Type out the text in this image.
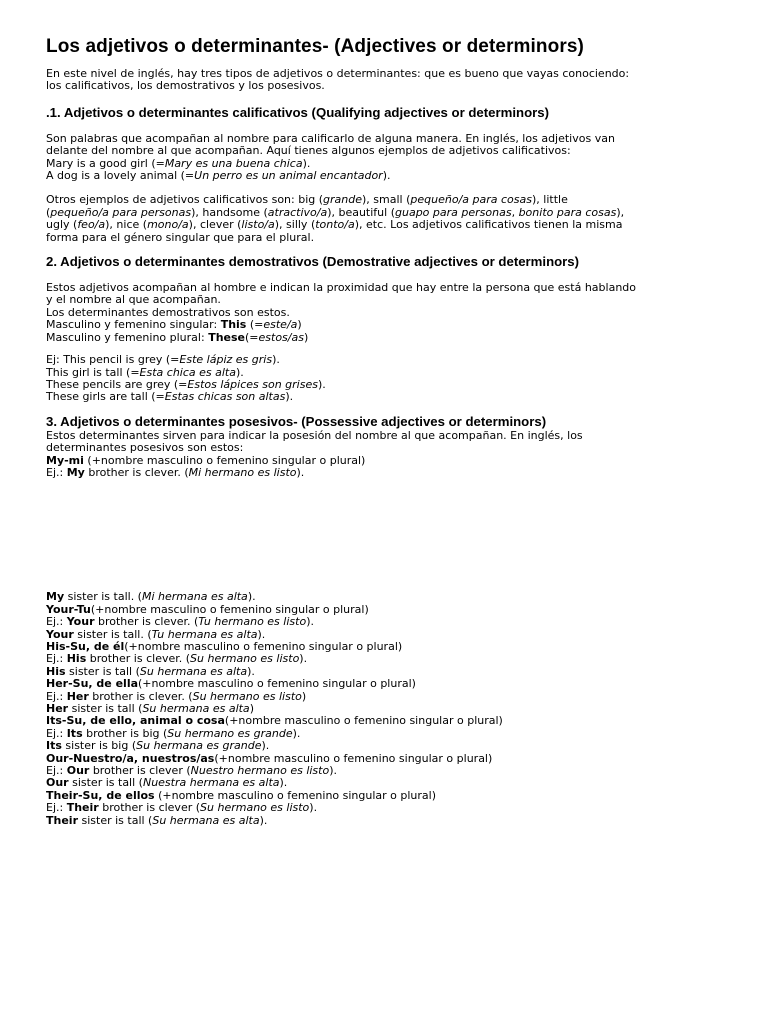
Los adjetivos o determinantes- (Adjectives or determinors)

En este nivel de inglés, hay tres tipos de adjetivos o determinantes: que es bueno que vayas conociendo:
los calificativos, los demostrativos y los posesivos.

.1. Adjetivos o determinantes calificativos (Qualifying adjectives or determinors)

Son palabras que acompañan al nombre para calificarlo de alguna manera. En inglés, los adjetivos van
delante del nombre al que acompañan. Aquí tienes algunos ejemplos de adjetivos calificativos:
Mary is a good girl (=Mary es una buena chica).
A dog is a lovely animal (=Un perro es un animal encantador).

Otros ejemplos de adjetivos calificativos son: big (grande), small (pequeño/a para cosas), little
(pequeño/a para personas), handsome (atractivo/a), beautiful (guapo para personas, bonito para cosas),
ugly (feo/a), nice (mono/a), clever (listo/a), silly (tonto/a), etc. Los adjetivos calificativos tienen la misma
forma para el género singular que para el plural.

2. Adjetivos o determinantes demostrativos (Demostrative adjectives or determinors)

Estos adjetivos acompañan al hombre e indican la proximidad que hay entre la persona que está hablando
y el nombre al que acompañan.
Los determinantes demostrativos son estos.
Masculino y femenino singular: This (=este/a)
Masculino y femenino plural: These(=estos/as)

Ej: This pencil is grey (=Este lápiz es gris).
This girl is tall (=Esta chica es alta).
These pencils are grey (=Estos lápices son grises).
These girls are tall (=Estas chicas son altas).

3. Adjetivos o determinantes posesivos- (Possessive adjectives or determinors)

Estos determinantes sirven para indicar la posesión del nombre al que acompañan. En inglés, los
determinantes posesivos son estos:
My-mi (+nombre masculino o femenino singular o plural)
Ej.: My brother is clever. (Mi hermano es listo).

My sister is tall. (Mi hermana es alta).
Your-Tu(+nombre masculino o femenino singular o plural)
Ej.: Your brother is clever. (Tu hermano es listo).
Your sister is tall. (Tu hermana es alta).
His-Su, de él(+nombre masculino o femenino singular o plural)
Ej.: His brother is clever. (Su hermano es listo).
His sister is tall (Su hermana es alta).
Her-Su, de ella(+nombre masculino o femenino singular o plural)
Ej.: Her brother is clever. (Su hermano es listo)
Her sister is tall (Su hermana es alta)
Its-Su, de ello, animal o cosa(+nombre masculino o femenino singular o plural)
Ej.: Its brother is big (Su hermano es grande).
Its sister is big (Su hermana es grande).
Our-Nuestro/a, nuestros/as(+nombre masculino o femenino singular o plural)
Ej.: Our brother is clever (Nuestro hermano es listo).
Our sister is tall (Nuestra hermana es alta).
Their-Su, de ellos (+nombre masculino o femenino singular o plural)
Ej.: Their brother is clever (Su hermano es listo).
Their sister is tall (Su hermana es alta).
